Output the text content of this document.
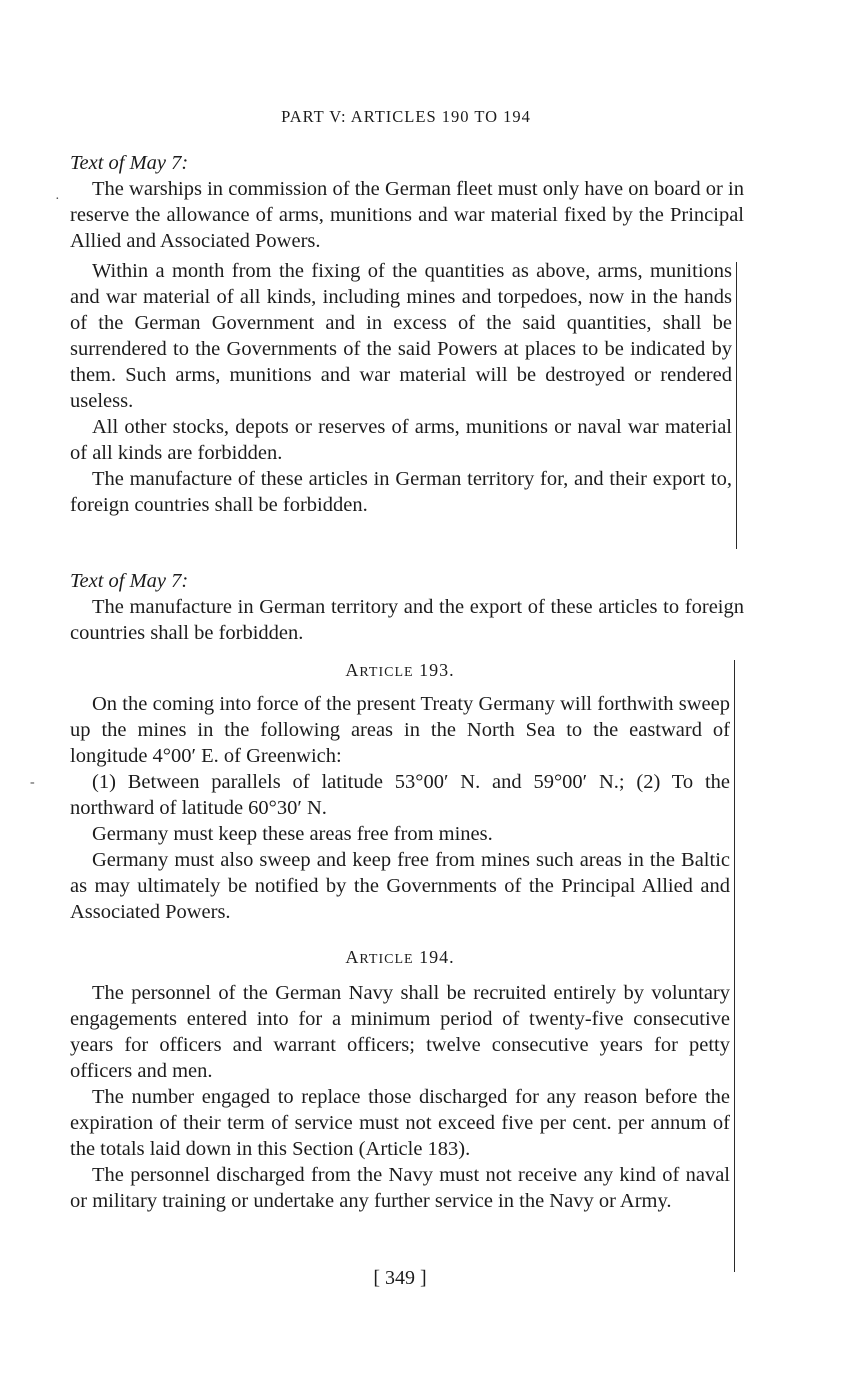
PART V: ARTICLES 190 TO 194

Text of May 7:

The warships in commission of the German fleet must only have on board or in reserve the allowance of arms, munitions and war material fixed by the Principal Allied and Associated Powers.

Within a month from the fixing of the quantities as above, arms, munitions and war material of all kinds, including mines and torpedoes, now in the hands of the German Government and in excess of the said quantities, shall be surrendered to the Governments of the said Powers at places to be indicated by them. Such arms, munitions and war material will be destroyed or rendered useless.

All other stocks, depots or reserves of arms, munitions or naval war material of all kinds are forbidden.

The manufacture of these articles in German territory for, and their export to, foreign countries shall be forbidden.

Text of May 7:

The manufacture in German territory and the export of these articles to foreign countries shall be forbidden.

ARTICLE 193.

On the coming into force of the present Treaty Germany will forthwith sweep up the mines in the following areas in the North Sea to the eastward of longitude 4°00′ E. of Greenwich:

(1) Between parallels of latitude 53°00′ N. and 59°00′ N.; (2) To the northward of latitude 60°30′ N.

Germany must keep these areas free from mines.

Germany must also sweep and keep free from mines such areas in the Baltic as may ultimately be notified by the Governments of the Principal Allied and Associated Powers.

ARTICLE 194.

The personnel of the German Navy shall be recruited entirely by voluntary engagements entered into for a minimum period of twenty-five consecutive years for officers and warrant officers; twelve consecutive years for petty officers and men.

The number engaged to replace those discharged for any reason before the expiration of their term of service must not exceed five per cent. per annum of the totals laid down in this Section (Article 183).

The personnel discharged from the Navy must not receive any kind of naval or military training or undertake any further service in the Navy or Army.

·
-
[ 349 ]
